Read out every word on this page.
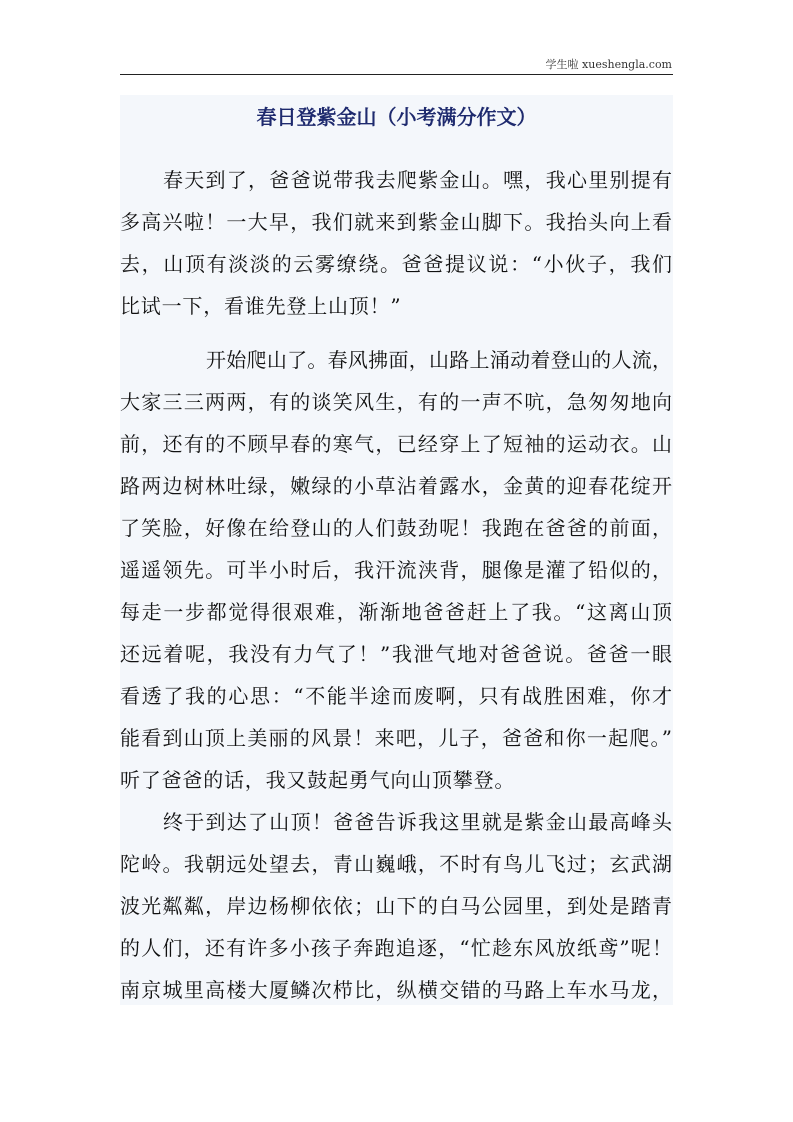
学生啦 xueshengla.com
春日登紫金山（小考满分作文）
春天到了，爸爸说带我去爬紫金山。嘿，我心里别提有
多高兴啦！一大早，我们就来到紫金山脚下。我抬头向上看
去，山顶有淡淡的云雾缭绕。爸爸提议说：“小伙子，我们
比试一下，看谁先登上山顶！”
开始爬山了。春风拂面，山路上涌动着登山的人流，
大家三三两两，有的谈笑风生，有的一声不吭，急匆匆地向
前，还有的不顾早春的寒气，已经穿上了短袖的运动衣。山
路两边树林吐绿，嫩绿的小草沾着露水，金黄的迎春花绽开
了笑脸，好像在给登山的人们鼓劲呢！我跑在爸爸的前面，
遥遥领先。可半小时后，我汗流浃背，腿像是灌了铅似的，
每走一步都觉得很艰难，渐渐地爸爸赶上了我。“这离山顶
还远着呢，我没有力气了！”我泄气地对爸爸说。爸爸一眼
看透了我的心思：“不能半途而废啊，只有战胜困难，你才
能看到山顶上美丽的风景！来吧，儿子，爸爸和你一起爬。”
听了爸爸的话，我又鼓起勇气向山顶攀登。
终于到达了山顶！爸爸告诉我这里就是紫金山最高峰头
陀岭。我朝远处望去，青山巍峨，不时有鸟儿飞过；玄武湖
波光粼粼，岸边杨柳依依；山下的白马公园里，到处是踏青
的人们，还有许多小孩子奔跑追逐，“忙趁东风放纸鸢”呢！
南京城里高楼大厦鳞次栉比，纵横交错的马路上车水马龙，
